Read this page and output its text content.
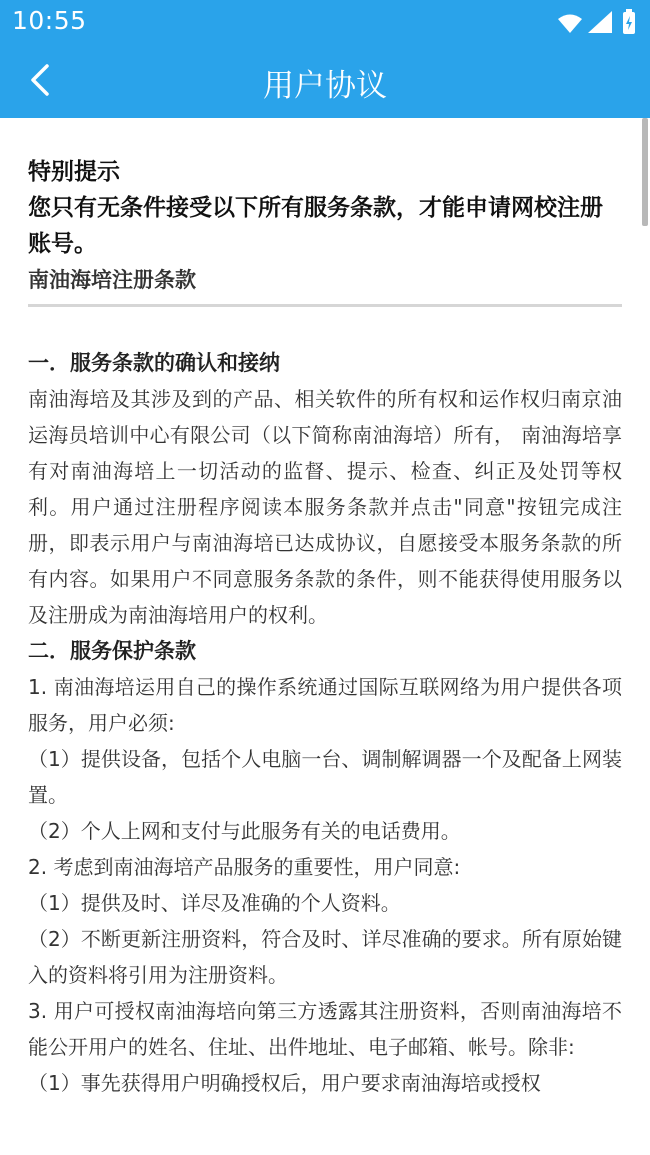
10:55
用户协议

特别提示

您只有无条件接受以下所有服务条款，才能申请网校注册账号。

南油海培注册条款

一．服务条款的确认和接纳

南油海培及其涉及到的产品、相关软件的所有权和运作权归南京油运海员培训中心有限公司（以下简称南油海培）所有， 南油海培享有对南油海培上一切活动的监督、提示、检查、纠正及处罚等权利。用户通过注册程序阅读本服务条款并点击"同意"按钮完成注册，即表示用户与南油海培已达成协议，自愿接受本服务条款的所有内容。如果用户不同意服务条款的条件，则不能获得使用服务以及注册成为南油海培用户的权利。

二．服务保护条款

1. 南油海培运用自己的操作系统通过国际互联网络为用户提供各项服务，用户必须:

（1）提供设备，包括个人电脑一台、调制解调器一个及配备上网装置。

（2）个人上网和支付与此服务有关的电话费用。

2. 考虑到南油海培产品服务的重要性，用户同意:

（1）提供及时、详尽及准确的个人资料。

（2）不断更新注册资料，符合及时、详尽准确的要求。所有原始键入的资料将引用为注册资料。

3. 用户可授权南油海培向第三方透露其注册资料，否则南油海培不能公开用户的姓名、住址、出件地址、电子邮箱、帐号。除非:

（1）事先获得用户明确授权后，用户要求南油海培或授权
